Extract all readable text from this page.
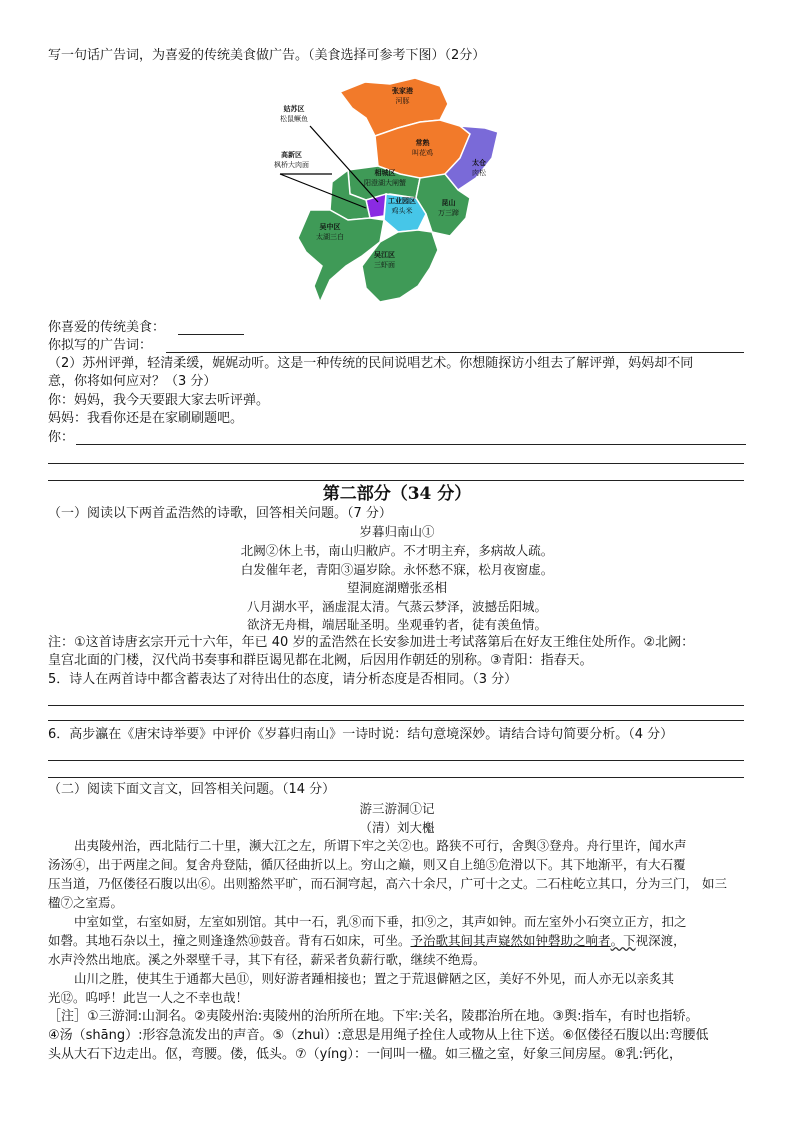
写一句话广告词，为喜爱的传统美食做广告。（美食选择可参考下图）（2分）
张家港
河豚
常熟
叫花鸡
太仓
肉松
相城区
阳澄湖大闸蟹
工业园区
鸡头米
昆山
万三蹄
吴中区
太湖三白
吴江区
三虾面
姑苏区
松鼠鳜鱼
高新区
枫桥大肉面
你喜爱的传统美食：
你拟写的广告词：
（2）苏州评弹，轻清柔缓，娓娓动听。这是一种传统的民间说唱艺术。你想随探访小组去了解评弹，妈妈却不同
意，你将如何应对？（3 分）
你：妈妈，我今天要跟大家去听评弹。
妈妈：我看你还是在家刷刷题吧。
你：
第二部分（34 分）
（一）阅读以下两首孟浩然的诗歌，回答相关问题。（7 分）
岁暮归南山①
北阙②休上书，南山归敝庐。不才明主弃，多病故人疏。
白发催年老，青阳③逼岁除。永怀愁不寐，松月夜窗虚。
望洞庭湖赠张丞相
八月湖水平，涵虚混太清。气蒸云梦泽，波撼岳阳城。
欲济无舟楫，端居耻圣明。坐观垂钓者，徒有羡鱼情。
注：①这首诗唐玄宗开元十六年，年已 40 岁的孟浩然在长安参加进士考试落第后在好友王维住处所作。②北阙：
皇宫北面的门楼，汉代尚书奏事和群臣谒见都在北阙，后因用作朝廷的别称。③青阳：指春天。
5．诗人在两首诗中都含蓄表达了对待出仕的态度，请分析态度是否相同。（3 分）
6．高步瀛在《唐宋诗举要》中评价《岁暮归南山》一诗时说：结句意境深妙。请结合诗句简要分析。（4 分）
（二）阅读下面文言文，回答相关问题。（14 分）
游三游洞①记
（清）刘大櫆
出夷陵州治，西北陆行二十里，濒大江之左，所谓下牢之关②也。路狭不可行，舍舆③登舟。舟行里许，闻水声
汤汤④，出于两崖之间。复舍舟登陆，循仄径曲折以上。穷山之巅，则又自上缒⑤危滑以下。其下地渐平，有大石覆
压当道，乃伛偻径石腹以出⑥。出则豁然平旷，而石洞穹起，高六十余尺，广可十之丈。二石柱屹立其口，分为三门， 如三
楹⑦之室焉。
中室如堂，右室如厨，左室如别馆。其中一石，乳⑧而下垂，扣⑨之，其声如钟。而左室外小石突立正方，扣之
如磬。其地石杂以土，撞之则逢逢然⑩鼓音。背有石如床，可坐。予治歌其间其声嶷然如钟磬助之响者。下视深渡，
水声泠然出地底。溪之外翠壁千寻，其下有径，薪采者负薪行歌，继续不绝焉。
山川之胜，使其生于通都大邑⑪，则好游者踵相接也；置之于荒退僻陋之区，美好不外见，而人亦无以亲炙其
光⑫。呜呼！此岂一人之不幸也哉！
［注］①三游洞:山洞名。②夷陵州治:夷陵州的治所所在地。下牢:关名，陵郡治所在地。③舆:指车，有时也指轿。
④汤（shāng）:形容急流发出的声音。⑤（zhuì）:意思是用绳子拴住人或物从上往下送。⑥伛偻径石腹以出:弯腰低
头从大石下边走出。伛，弯腰。偻，低头。⑦（yíng）：一间叫一楹。如三楹之室，好象三间房屋。⑧乳:钙化，
